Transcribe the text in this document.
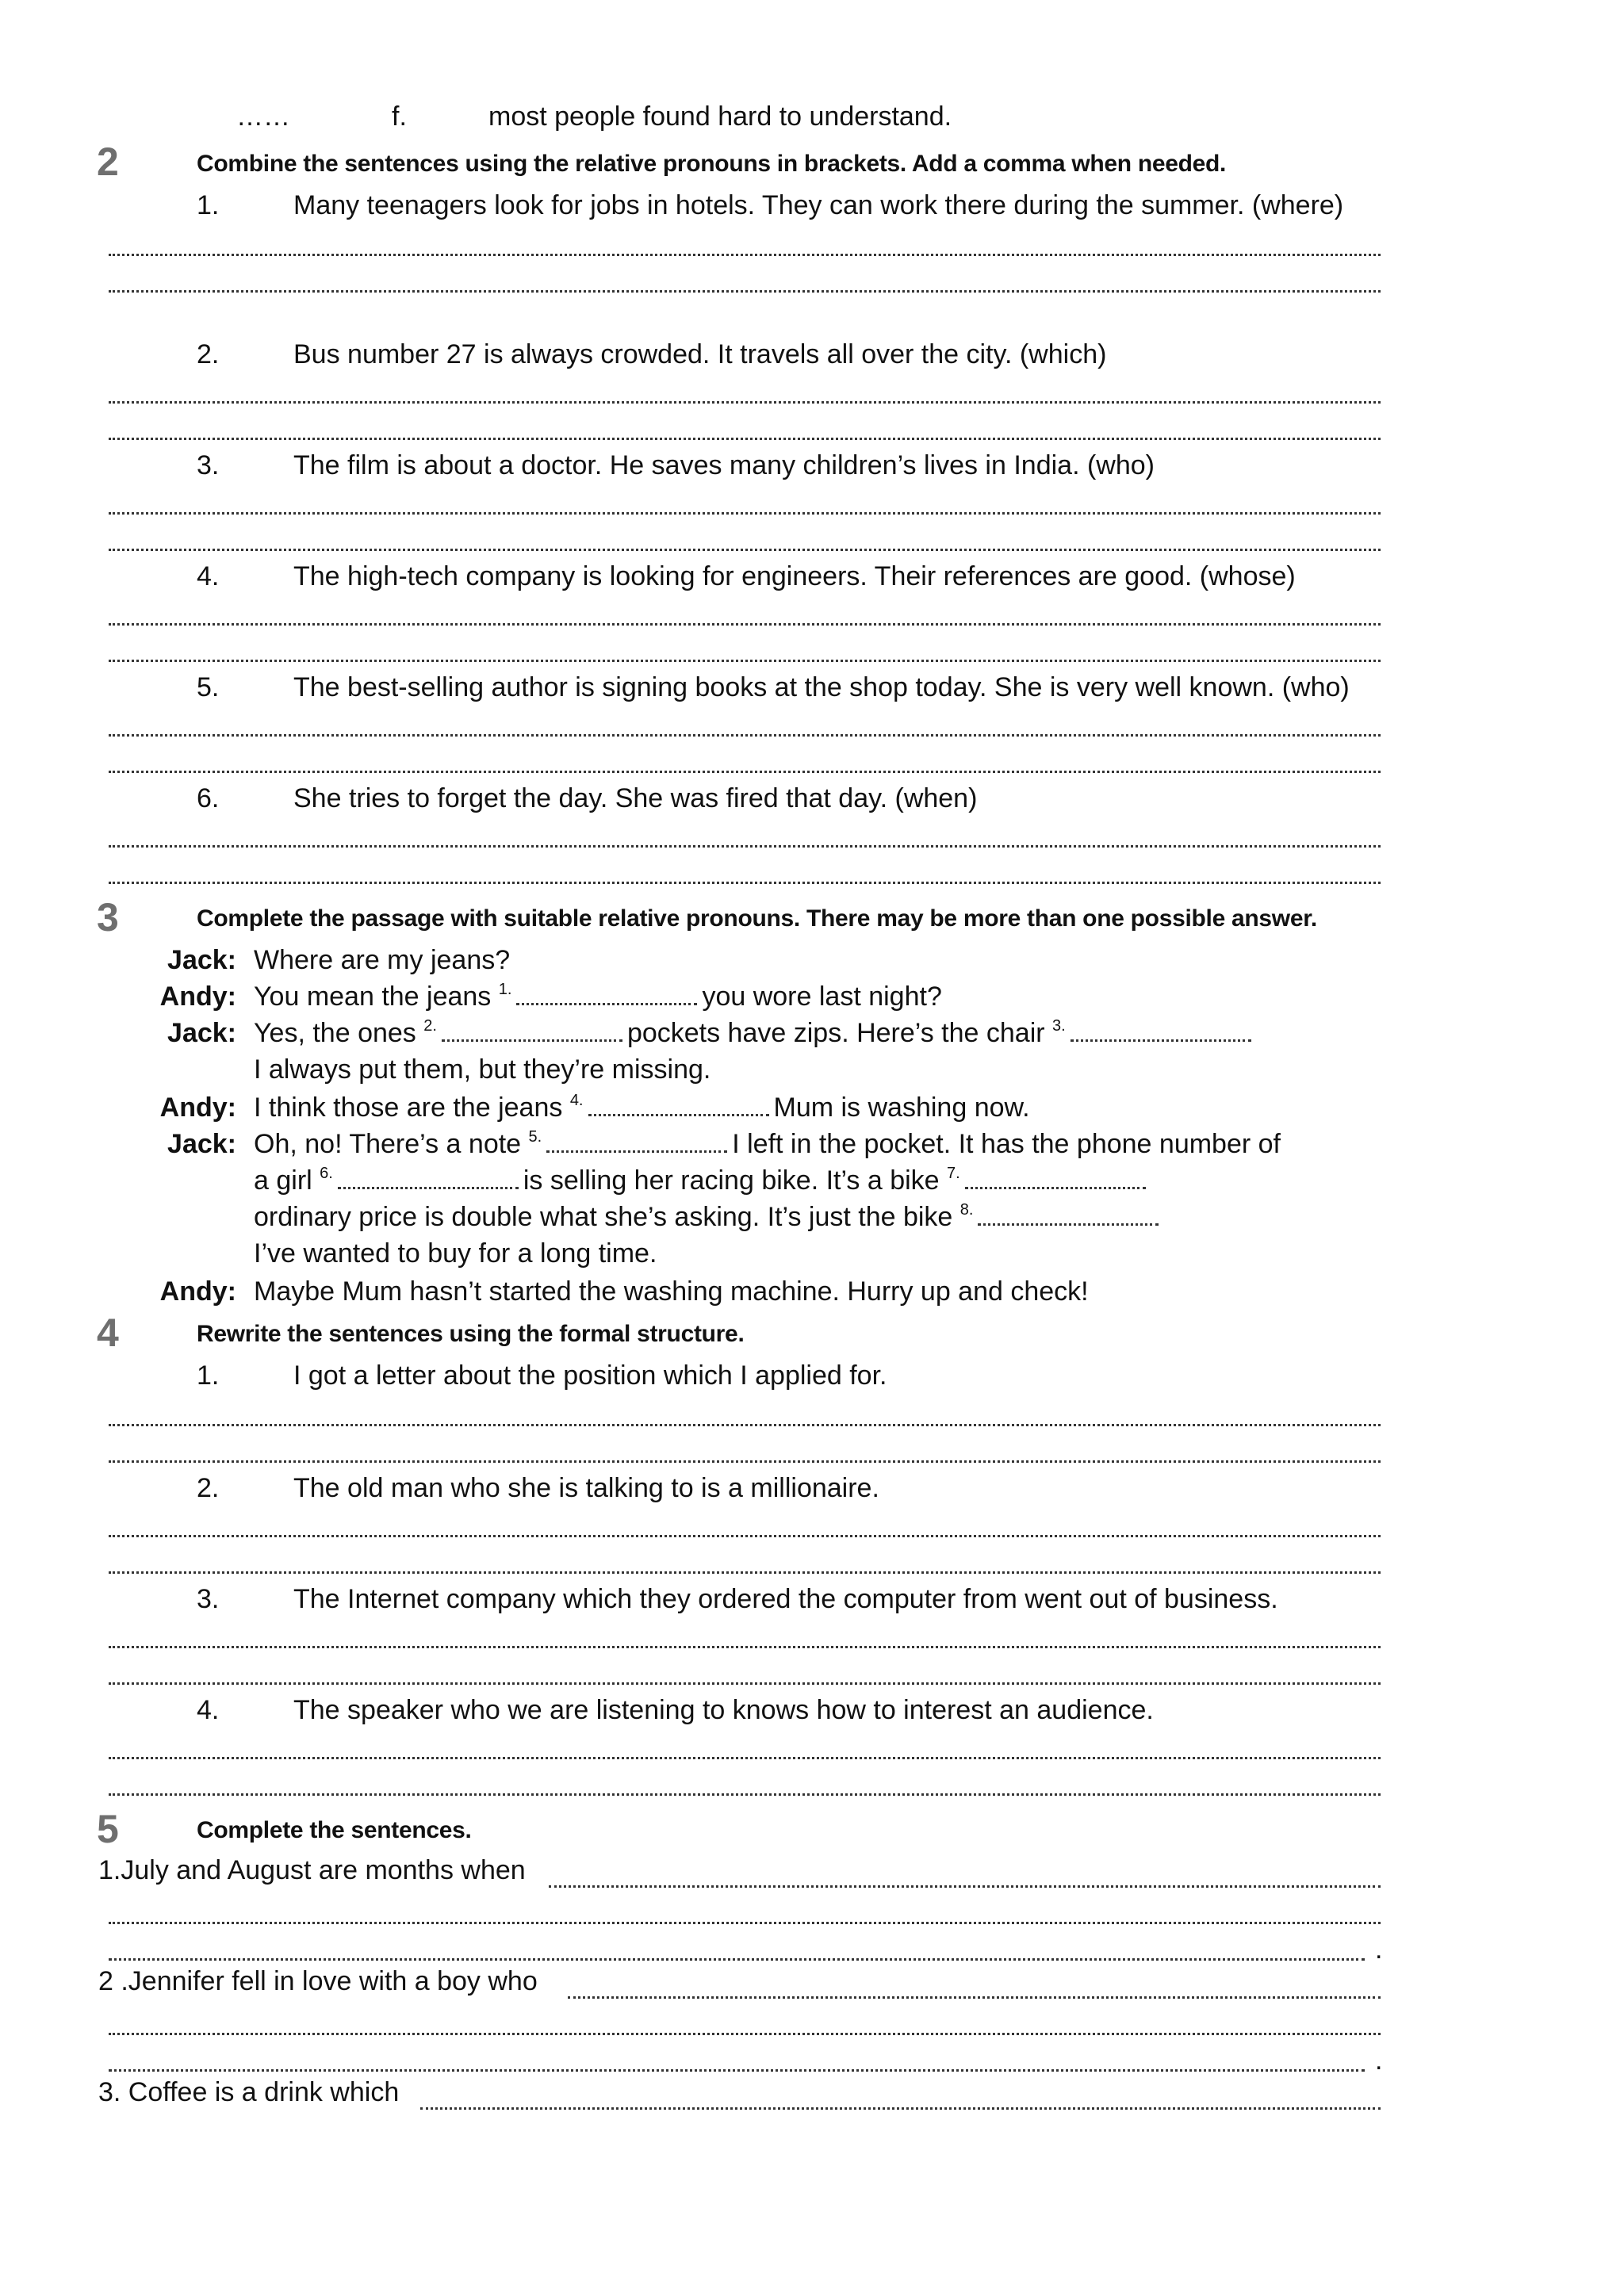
……	f.	most people found hard to understand.
2	Combine the sentences using the relative pronouns in brackets. Add a comma when needed.
1.	Many teenagers look for jobs in hotels. They can work there during the summer. (where)
2.	Bus number 27 is always crowded. It travels all over the city. (which)
3.	The film is about a doctor. He saves many children’s lives in India. (who)
4.	The high-tech company is looking for engineers. Their references are good. (whose)
5.	The best-selling author is signing books at the shop today. She is very well known. (who)
6.	She tries to forget the day. She was fired that day. (when)
3	Complete the passage with suitable relative pronouns. There may be more than one possible answer.
Jack: Where are my jeans?
Andy: You mean the jeans $^{1.}$	you wore last night?
Jack: Yes, the ones $^{2.}$	pockets have zips. Here’s the chair $^{3.}$
I always put them, but they’re missing.
Andy: I think those are the jeans $^{4.}$	Mum is washing now.
Jack: Oh, no! There’s a note $^{5.}$	I left in the pocket. It has the phone number of
a girl $^{6.}$	is selling her racing bike. It’s a bike $^{7.}$
ordinary price is double what she’s asking. It’s just the bike $^{8.}$
I’ve wanted to buy for a long time.
Andy: Maybe Mum hasn’t started the washing machine. Hurry up and check!
4	Rewrite the sentences using the formal structure.
1.	I got a letter about the position which I applied for.
2.	The old man who she is talking to is a millionaire.
3.	The Internet company which they ordered the computer from went out of business.
4.	The speaker who we are listening to knows how to interest an audience.
5	Complete the sentences.
1.July and August are months when
.
2 .Jennifer fell in love with a boy who
.
3. Coffee is a drink which
